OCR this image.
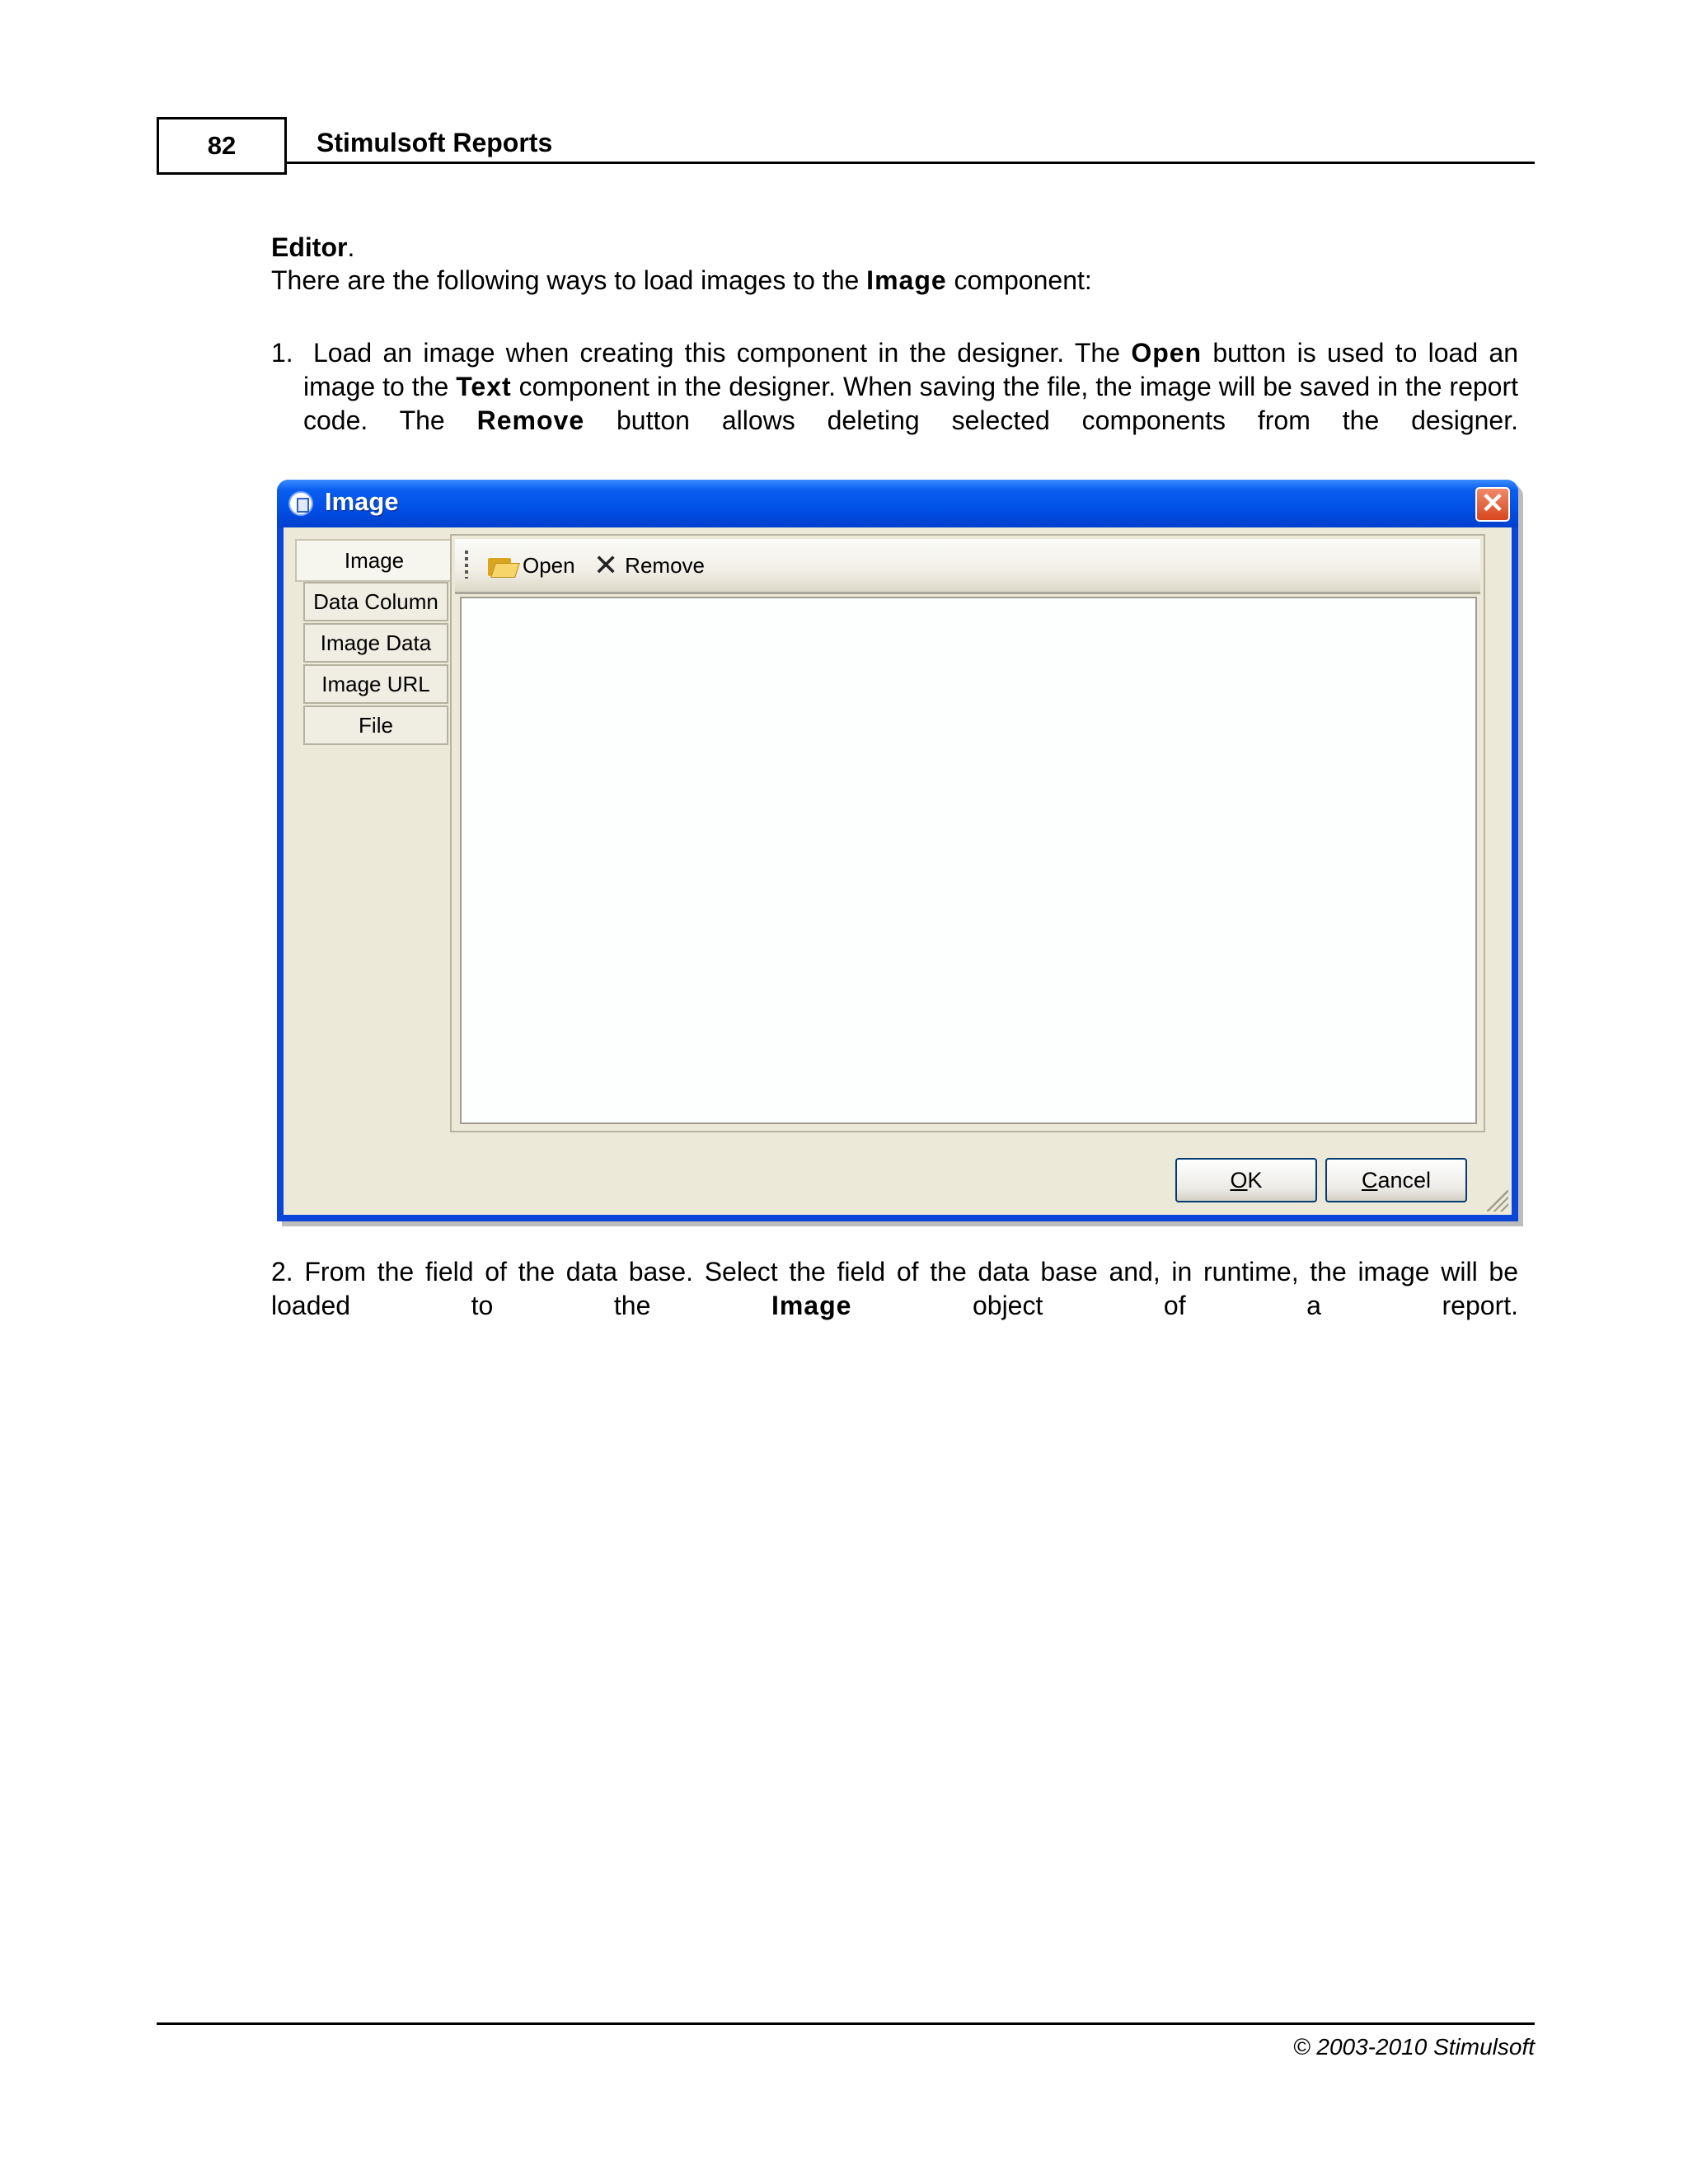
82	Stimulsoft Reports
Editor.
There are the following ways to load images to the Image component:
1. Load an image when creating this component in the designer. The Open button is used to load an image to the Text component in the designer. When saving the file, the image will be saved in the report code. The Remove button allows deleting selected components from the designer.
Image	✕
Image
Data Column
Image Data
Image URL
File
Open ✕ Remove
O K	C ancel
2. From the field of the data base. Select the field of the data base and, in runtime, the image will be loaded to the Image object of a report.
© 2003-2010 Stimulsoft
